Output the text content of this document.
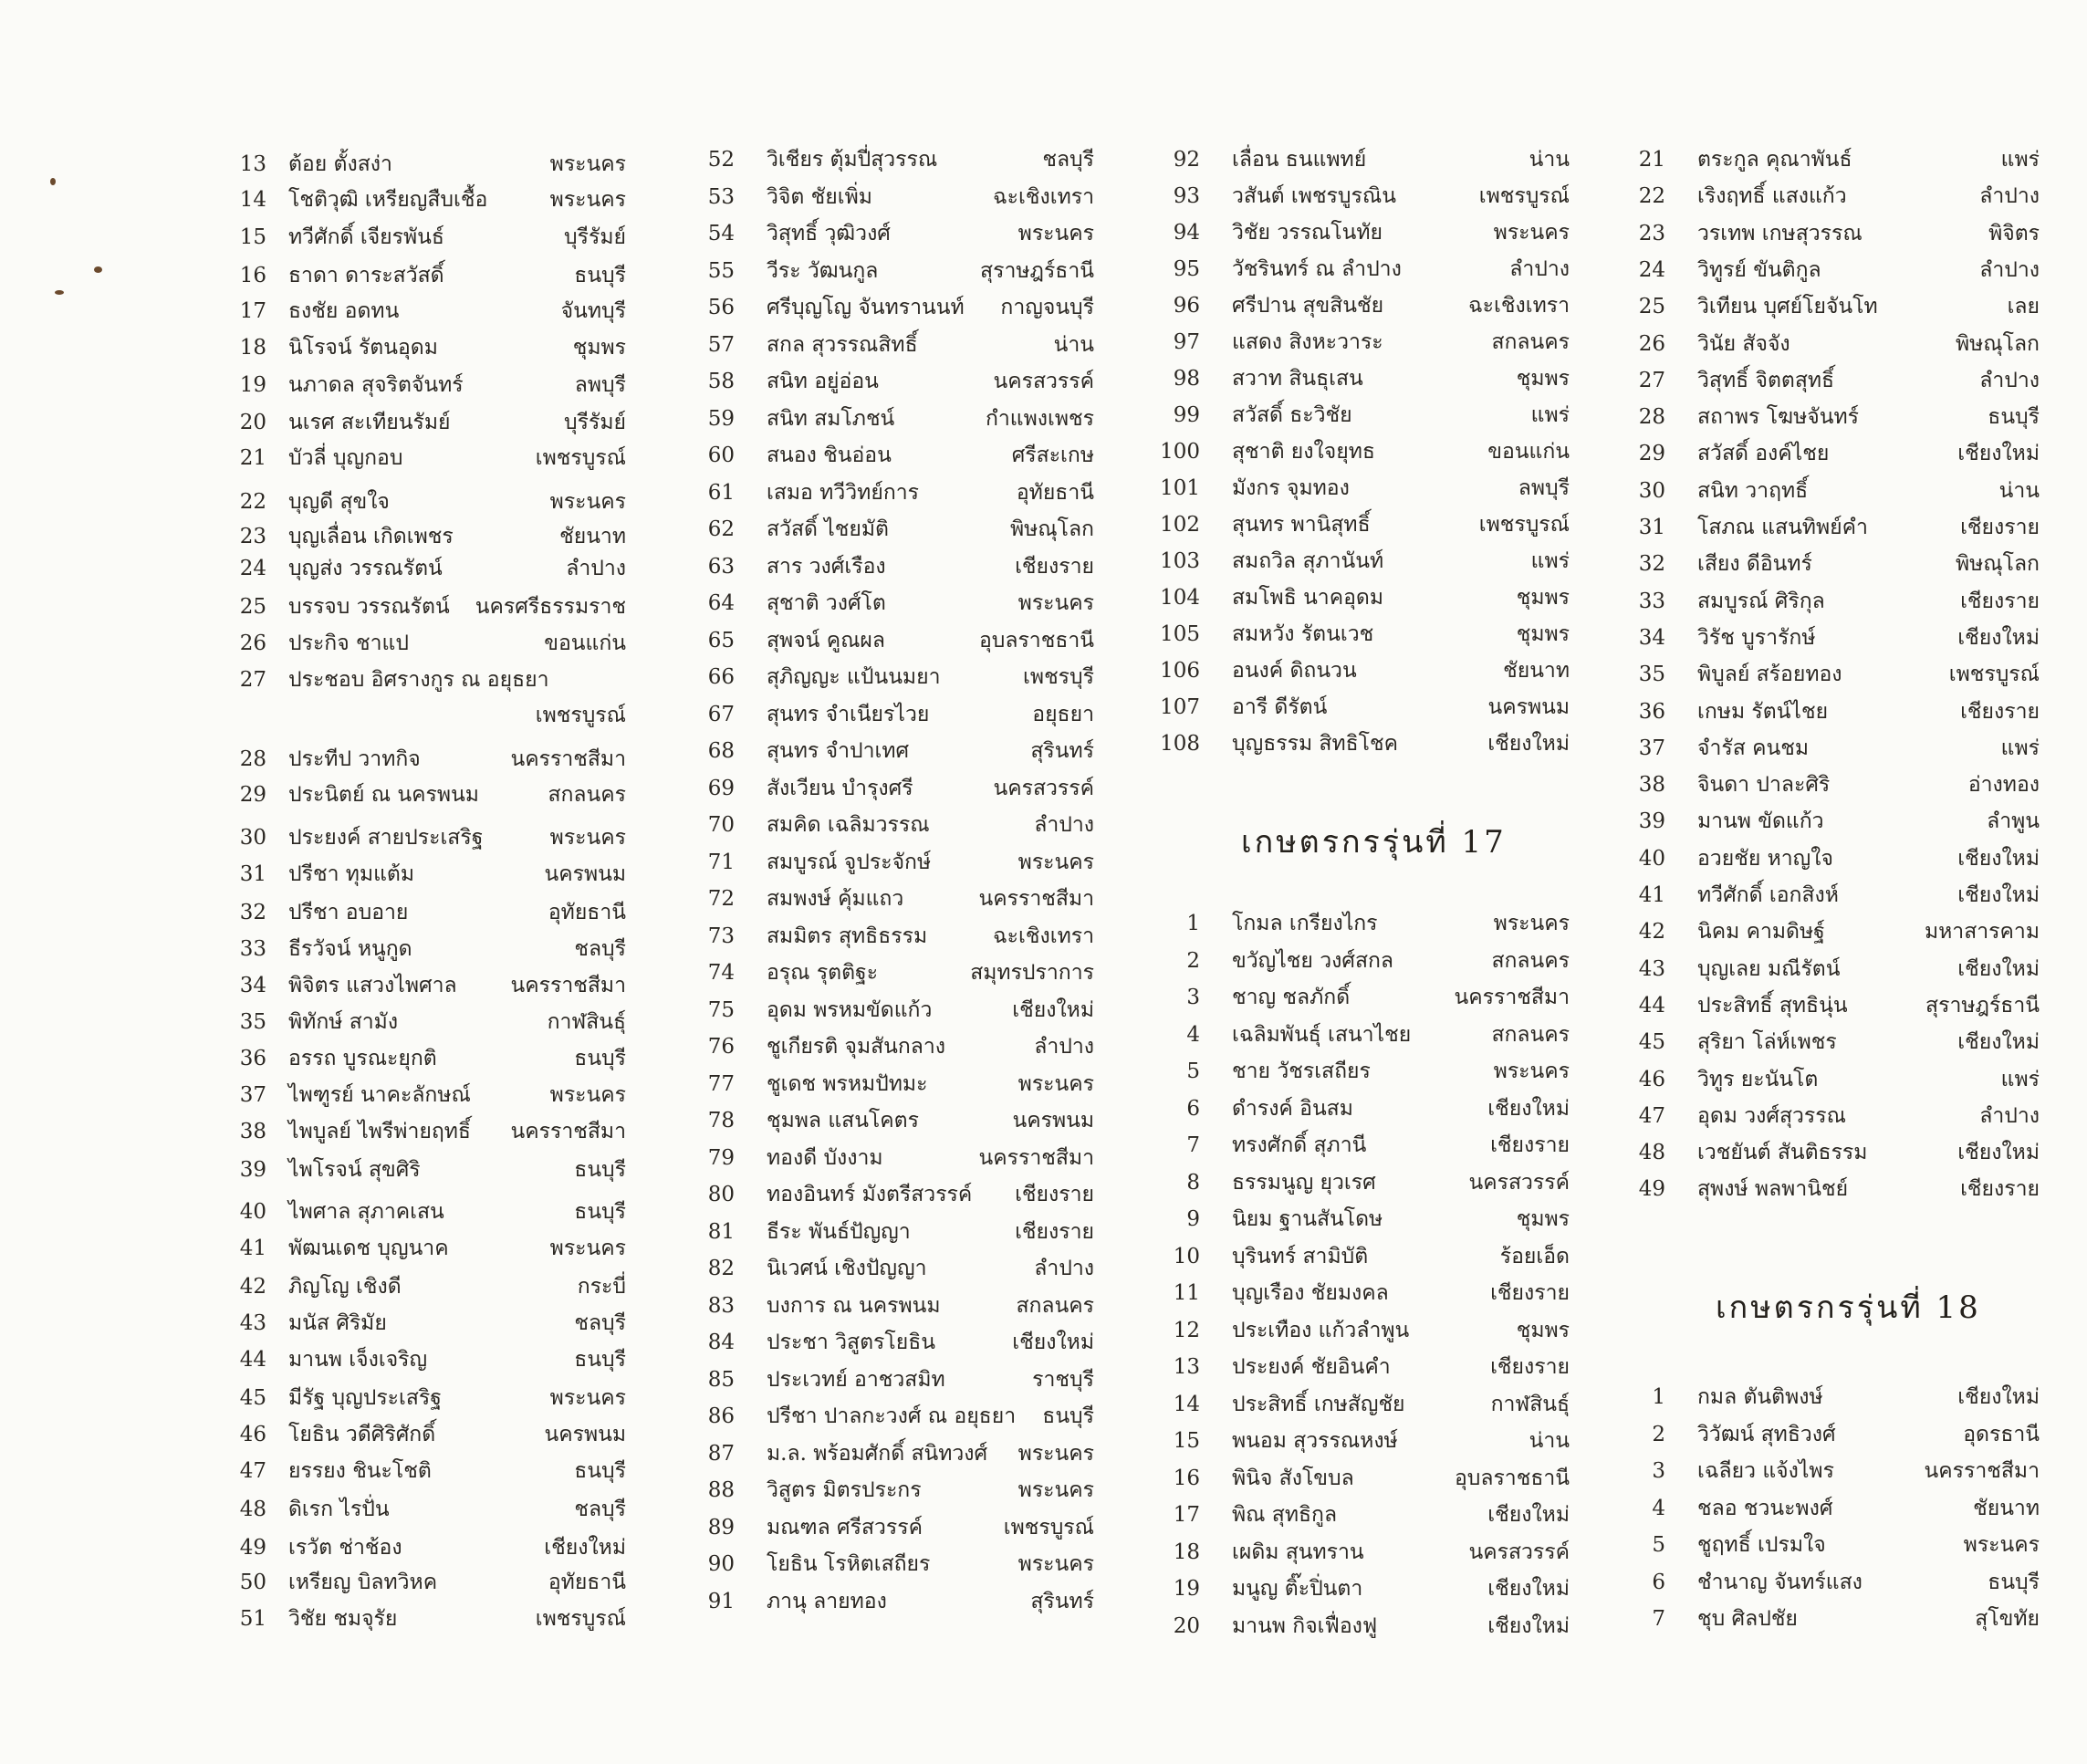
13 ต้อย ตั้งสง่า	พระนคร
14 โชติวุฒิ เหรียญสืบเชื้อ	พระนคร
15 ทวีศักดิ์ เจียรพันธ์	บุรีรัมย์
16 ธาดา ดาระสวัสดิ์	ธนบุรี
17 ธงชัย อดทน	จันทบุรี
18 นิโรจน์ รัตนอุดม	ชุมพร
19 นภาดล สุจริตจันทร์	ลพบุรี
20 นเรศ สะเทียนรัมย์	บุรีรัมย์
21 บัวลี่ บุญกอบ	เพชรบูรณ์
22 บุญดี สุขใจ	พระนคร
23 บุญเลื่อน เกิดเพชร	ชัยนาท
24 บุญส่ง วรรณรัตน์	ลำปาง
25 บรรจบ วรรณรัตน์ นครศรีธรรมราช
26 ประกิจ ชาแป	ขอนแก่น
27 ประชอบ อิศรางกูร ณ อยุธยา
เพชรบูรณ์
28 ประทีป วาทกิจ	นครราชสีมา
29 ประนิตย์ ณ นครพนม	สกลนคร
30 ประยงค์ สายประเสริฐ	พระนคร
31 ปรีชา ทุมแต้ม	นครพนม
32 ปรีชา อบอาย	อุทัยธานี
33 ธีรวัจน์ หนูกูด	ชลบุรี
34 พิจิตร แสวงไพศาล	นครราชสีมา
35 พิทักษ์ สามัง	กาฬสินธุ์
36 อรรถ บูรณะยุกติ	ธนบุรี
37 ไพฑูรย์ นาคะลักษณ์	พระนคร
38 ไพบูลย์ ไพรีพ่ายฤทธิ์ นครราชสีมา
39 ไพโรจน์ สุขศิริ	ธนบุรี
40 ไพศาล สุภาคเสน	ธนบุรี
41 พัฒนเดช บุญนาค	พระนคร
42 ภิญโญ เชิงดี	กระบี่
43 มนัส ศิริมัย	ชลบุรี
44 มานพ เจ็งเจริญ	ธนบุรี
45 มีรัฐ บุญประเสริฐ	พระนคร
46 โยธิน วดีศิริศักดิ์	นครพนม
47 ยรรยง ชินะโชติ	ธนบุรี
48 ดิเรก ไรปั่น	ชลบุรี
49 เรวัต ช่าช้อง	เชียงใหม่
50 เหรียญ บิลทวิหค	อุทัยธานี
51 วิชัย ชมจุรัย	เพชรบูรณ์
52 วิเชียร ตุ้มปี่สุวรรณ	ชลบุรี
53 วิจิต ชัยเพิ่ม	ฉะเชิงเทรา
54 วิสุทธิ์ วุฒิวงศ์	พระนคร
55 วีระ วัฒนกูล	สุราษฎร์ธานี
56 ศรีบุญโญ จันทรานนท์ กาญจนบุรี
57 สกล สุวรรณสิทธิ์	น่าน
58 สนิท อยู่อ่อน	นครสวรรค์
59 สนิท สมโภชน์	กำแพงเพชร
60 สนอง ชินอ่อน	ศรีสะเกษ
61 เสมอ ทวีวิทย์การ	อุทัยธานี
62 สวัสดิ์ ไชยมัติ	พิษณุโลก
63 สาร วงศ์เรือง	เชียงราย
64 สุชาติ วงศ์โต	พระนคร
65 สุพจน์ คูณผล	อุบลราชธานี
66 สุภิญญะ แป้นนมยา	เพชรบุรี
67 สุนทร จำเนียรไวย	อยุธยา
68 สุนทร จำปาเทศ	สุรินทร์
69 สังเวียน บำรุงศรี	นครสวรรค์
70 สมคิด เฉลิมวรรณ	ลำปาง
71 สมบูรณ์ จูประจักษ์	พระนคร
72 สมพงษ์ คุ้มแถว	นครราชสีมา
73 สมมิตร สุทธิธรรม	ฉะเชิงเทรา
74 อรุณ รุตติฐะ	สมุทรปราการ
75 อุดม พรหมขัดแก้ว	เชียงใหม่
76 ชูเกียรติ จุมสันกลาง	ลำปาง
77 ชูเดช พรหมปัทมะ	พระนคร
78 ชุมพล แสนโคตร	นครพนม
79 ทองดี บังงาม	นครราชสีมา
80 ทองอินทร์ มังตรีสวรรค์ เชียงราย
81 ธีระ พันธ์ปัญญา	เชียงราย
82 นิเวศน์ เชิงปัญญา	ลำปาง
83 บงการ ณ นครพนม	สกลนคร
84 ประชา วิสูตรโยธิน	เชียงใหม่
85 ประเวทย์ อาชวสมิท	ราชบุรี
86 ปรีชา ปาลกะวงศ์ ณ อยุธยา ธนบุรี
87 ม.ล. พร้อมศักดิ์ สนิทวงศ์ พระนคร
88 วิสูตร มิตรประกร	พระนคร
89 มณฑล ศรีสวรรค์	เพชรบูรณ์
90 โยธิน โรหิตเสถียร	พระนคร
91 ภานุ ลายทอง	สุรินทร์
92 เลื่อน ธนแพทย์	น่าน
93 วสันต์ เพชรบูรณิน	เพชรบูรณ์
94 วิชัย วรรณโนทัย	พระนคร
95 วัชรินทร์ ณ ลำปาง	ลำปาง
96 ศรีปาน สุขสินชัย	ฉะเชิงเทรา
97 แสดง สิงหะวาระ	สกลนคร
98 สวาท สินธุเสน	ชุมพร
99 สวัสดิ์ ธะวิชัย	แพร่
100 สุชาติ ยงใจยุทธ	ขอนแก่น
101 มังกร จุมทอง	ลพบุรี
102 สุนทร พานิสุทธิ์	เพชรบูรณ์
103 สมถวิล สุภานันท์	แพร่
104 สมโพธิ นาคอุดม	ชุมพร
105 สมหวัง รัตนเวช	ชุมพร
106 อนงค์ ดิถนวน	ชัยนาท
107 อารี ดีรัตน์	นครพนม
108 บุญธรรม สิทธิโชค	เชียงใหม่
เกษตรกรรุ่นที่ 17
1 โกมล เกรียงไกร	พระนคร
2 ขวัญไชย วงศ์สกล	สกลนคร
3 ชาญ ชลภักดิ์	นครราชสีมา
4 เฉลิมพันธุ์ เสนาไชย	สกลนคร
5 ชาย วัชรเสถียร	พระนคร
6 ดำรงค์ อินสม	เชียงใหม่
7 ทรงศักดิ์ สุภานี	เชียงราย
8 ธรรมนูญ ยุวเรศ	นครสวรรค์
9 นิยม ฐานสันโดษ	ชุมพร
10 บุรินทร์ สามิบัติ	ร้อยเอ็ด
11 บุญเรือง ชัยมงคล	เชียงราย
12 ประเทือง แก้วลำพูน	ชุมพร
13 ประยงค์ ชัยอินคำ	เชียงราย
14 ประสิทธิ์ เกษสัญชัย	กาฬสินธุ์
15 พนอม สุวรรณหงษ์	น่าน
16 พินิจ สังโขบล	อุบลราชธานี
17 พิณ สุทธิกูล	เชียงใหม่
18 เผดิม สุนทราน	นครสวรรค์
19 มนูญ ติ๊ะปิ่นตา	เชียงใหม่
20 มานพ กิจเฟื่องฟู	เชียงใหม่
21 ตระกูล คุณาพันธ์	แพร่
22 เริงฤทธิ์ แสงแก้ว	ลำปาง
23 วรเทพ เกษสุวรรณ	พิจิตร
24 วิทูรย์ ขันติกูล	ลำปาง
25 วิเทียน บุศย์โยจันโท	เลย
26 วินัย สัจจัง	พิษณุโลก
27 วิสุทธิ์ จิตตสุทธิ์	ลำปาง
28 สถาพร โฆษจันทร์	ธนบุรี
29 สวัสดิ์ องค์ไชย	เชียงใหม่
30 สนิท วาฤทธิ์	น่าน
31 โสภณ แสนทิพย์คำ	เชียงราย
32 เสียง ดีอินทร์	พิษณุโลก
33 สมบูรณ์ ศิริกุล	เชียงราย
34 วิรัช บูรารักษ์	เชียงใหม่
35 พิบูลย์ สร้อยทอง	เพชรบูรณ์
36 เกษม รัตน์ไชย	เชียงราย
37 จำรัส คนชม	แพร่
38 จินดา ปาละศิริ	อ่างทอง
39 มานพ ขัดแก้ว	ลำพูน
40 อวยชัย หาญใจ	เชียงใหม่
41 ทวีศักดิ์ เอกสิงห์	เชียงใหม่
42 นิคม คามดิษฐ์	มหาสารคาม
43 บุญเลย มณีรัตน์	เชียงใหม่
44 ประสิทธิ์ สุทธินุ่น	สุราษฎร์ธานี
45 สุริยา โล่ห์เพชร	เชียงใหม่
46 วิทูร ยะนันโต	แพร่
47 อุดม วงศ์สุวรรณ	ลำปาง
48 เวชยันต์ สันติธรรม	เชียงใหม่
49 สุพงษ์ พลพานิชย์	เชียงราย
เกษตรกรรุ่นที่ 18
1 กมล ตันติพงษ์	เชียงใหม่
2 วิวัฒน์ สุทธิวงศ์	อุดรธานี
3 เฉลียว แจ้งไพร	นครราชสีมา
4 ชลอ ชวนะพงศ์	ชัยนาท
5 ชูฤทธิ์ เปรมใจ	พระนคร
6 ชำนาญ จันทร์แสง	ธนบุรี
7 ชุบ ศิลปชัย	สุโขทัย
